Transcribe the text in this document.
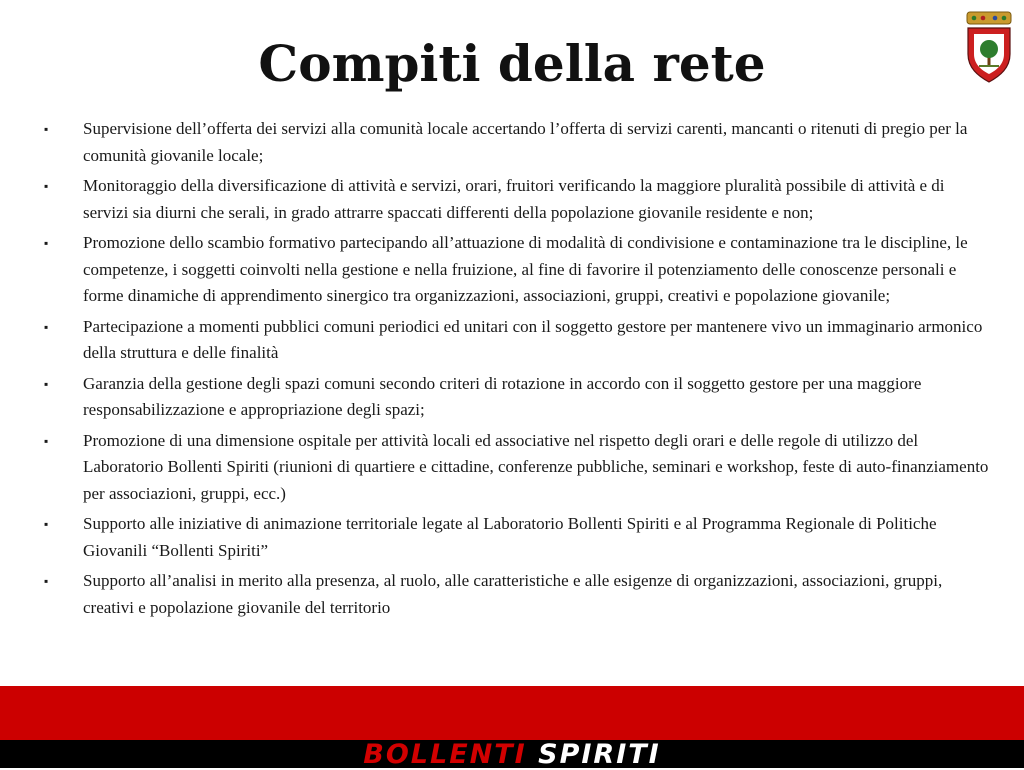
Compiti della rete
▪	Supervisione dell’offerta dei servizi alla comunità locale accertando l’offerta di servizi carenti, mancanti o ritenuti di pregio per la comunità giovanile locale;
▪	Monitoraggio della diversificazione di attività e servizi, orari, fruitori verificando la maggiore pluralità possibile di attività e di servizi sia diurni che serali, in grado attrarre spaccati differenti della popolazione giovanile residente e non;
▪	Promozione dello scambio formativo partecipando all’attuazione di modalità di condivisione e contaminazione tra le discipline, le competenze, i soggetti coinvolti nella gestione e nella fruizione, al fine di favorire il potenziamento delle conoscenze personali e forme dinamiche di apprendimento sinergico tra organizzazioni, associazioni, gruppi, creativi e popolazione giovanile;
▪	Partecipazione a momenti pubblici comuni periodici ed unitari con il soggetto gestore per mantenere vivo un immaginario armonico della struttura e delle finalità
▪	Garanzia della gestione degli spazi comuni secondo criteri di rotazione in accordo con il soggetto gestore per una maggiore responsabilizzazione e appropriazione degli spazi;
▪	Promozione di una dimensione ospitale per attività locali ed associative nel rispetto degli orari e delle regole di utilizzo del Laboratorio Bollenti Spiriti (riunioni di quartiere e cittadine, conferenze pubbliche, seminari e workshop, feste di auto-finanziamento per associazioni, gruppi, ecc.)
▪	Supporto alle iniziative di animazione territoriale legate al Laboratorio Bollenti Spiriti e al Programma Regionale di Politiche Giovanili “Bollenti Spiriti”
▪	Supporto all’analisi in merito alla presenza, al ruolo, alle caratteristiche e alle esigenze di organizzazioni, associazioni, gruppi, creativi e popolazione giovanile del territorio
BOLLENTI SPIRITI
